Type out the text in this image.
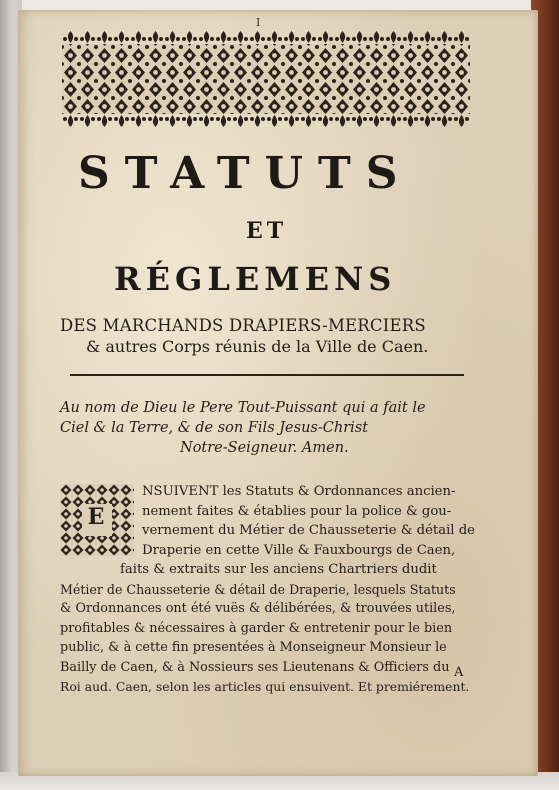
I
STATUTS
ET
RÉGLEMENS
DES MARCHANDS DRAPIERS-MERCIERS
& autres Corps réunis de la Ville de Caen.
Au nom de Dieu le Pere Tout-Puissant qui a fait le
Ciel & la Terre, & de son Fils Jesus-Christ
Notre-Seigneur. Amen.
E
NSUIVENT les Statuts & Ordonnances ancien-
nement faites & établies pour la police & gou-
vernement du Métier de Chausseterie & détail de
Draperie en cette Ville & Fauxbourgs de Caen,
faits & extraits sur les anciens Chartriers dudit
Métier de Chausseterie & détail de Draperie, lesquels Statuts
& Ordonnances ont été vuës & délibérées, & trouvées utiles,
profitables & nécessaires à garder & entretenir pour le bien
public, & à cette fin presentées à Monseigneur Monsieur le
Bailly de Caen, & à Nossieurs ses Lieutenans & Officiers du
Roi aud. Caen, selon les articles qui ensuivent. Et premiérement.
A
